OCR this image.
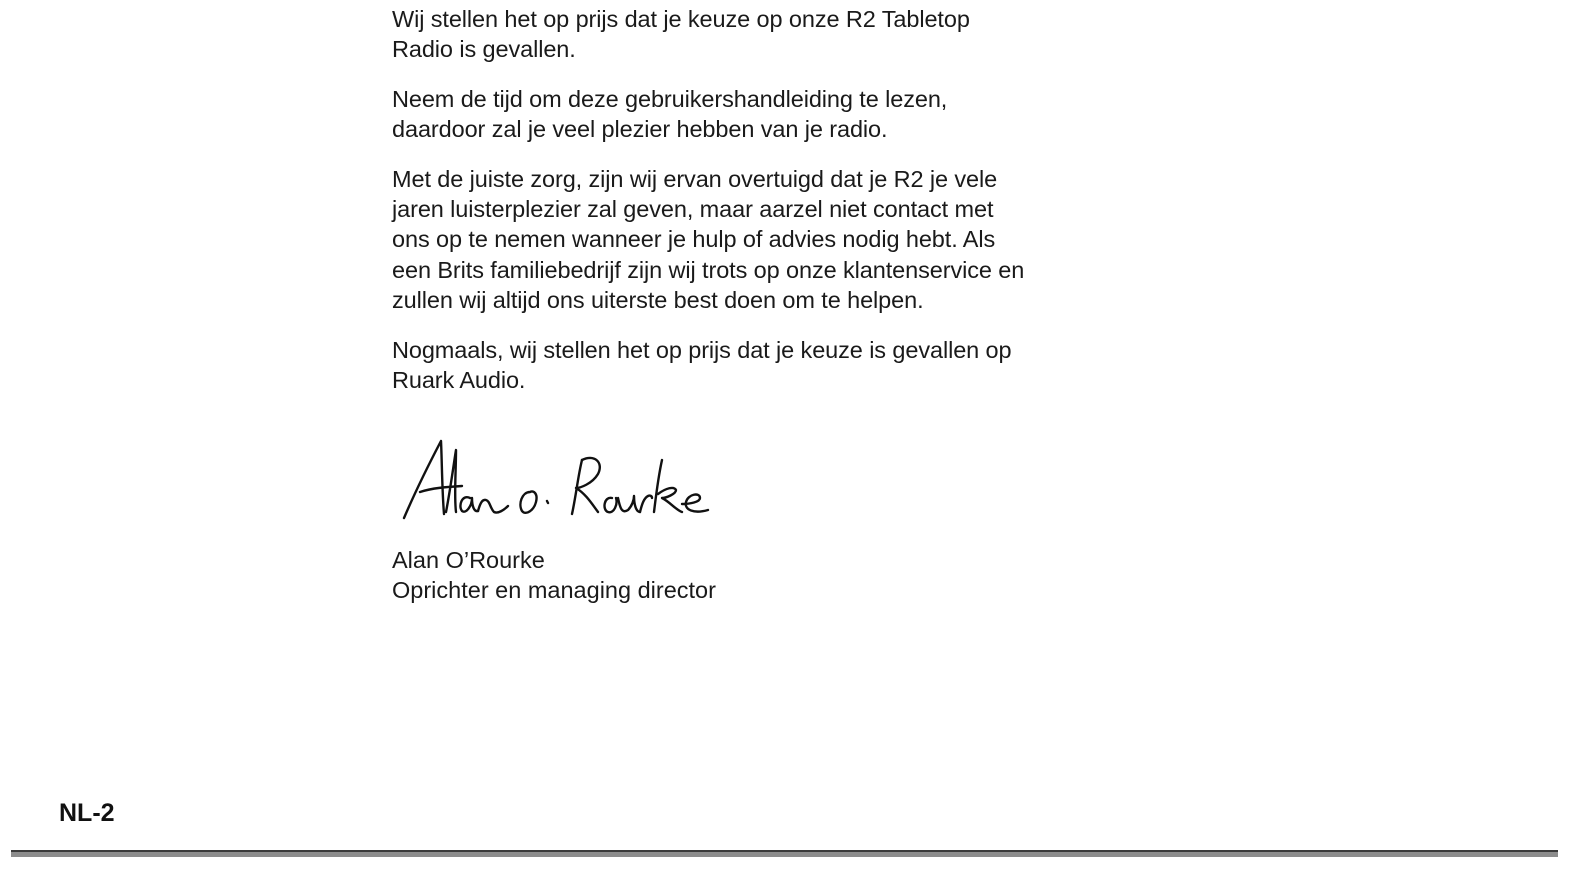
Wij stellen het op prijs dat je keuze op onze R2 Tabletop
Radio is gevallen.

Neem de tijd om deze gebruikershandleiding te lezen,
daardoor zal je veel plezier hebben van je radio.

Met de juiste zorg, zijn wij ervan overtuigd dat je R2 je vele
jaren luisterplezier zal geven, maar aarzel niet contact met
ons op te nemen wanneer je hulp of advies nodig hebt. Als
een Brits familiebedrijf zijn wij trots op onze klantenservice en
zullen wij altijd ons uiterste best doen om te helpen.

Nogmaals, wij stellen het op prijs dat je keuze is gevallen op
Ruark Audio.

Alan O’Rourke
Oprichter en managing director
NL-2
